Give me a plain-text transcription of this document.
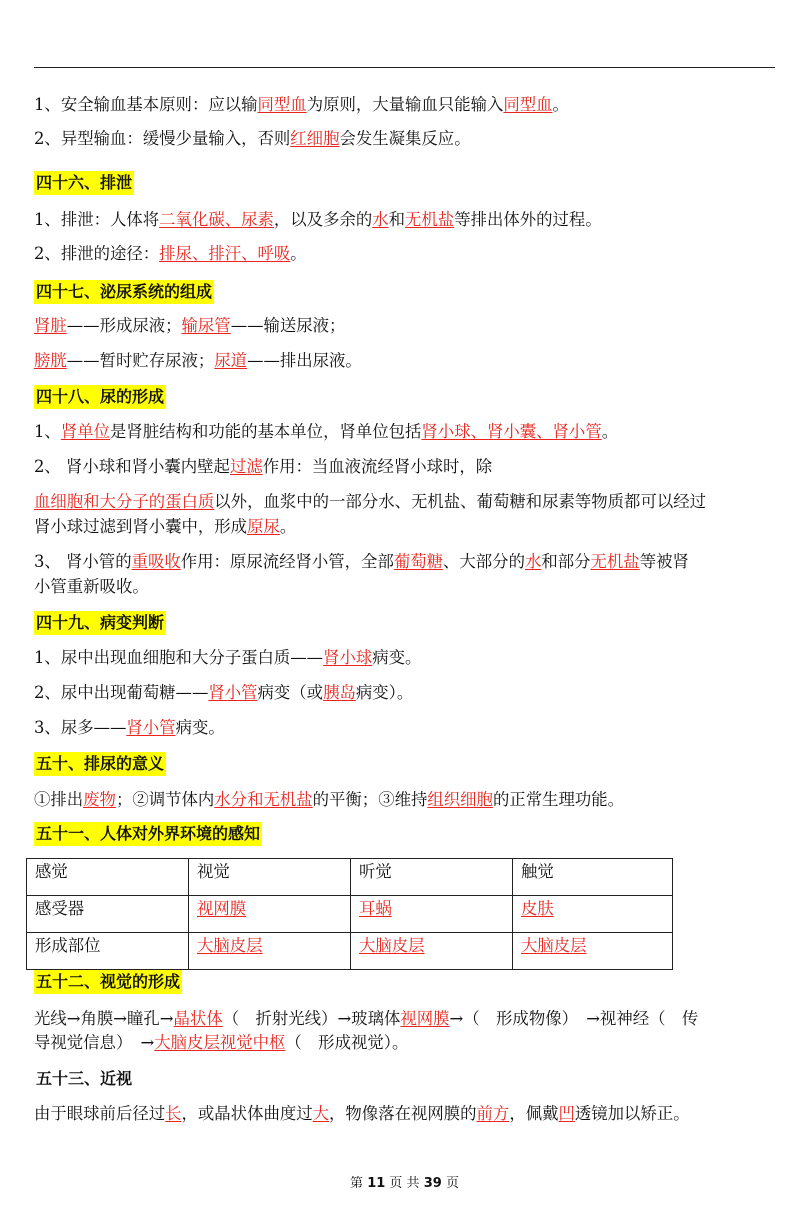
1、安全输血基本原则：应以输同型血为原则，大量输血只能输入同型血。
2、异型输血：缓慢少量输入，否则红细胞会发生凝集反应。
四十六、排泄
1、排泄：人体将二氧化碳、尿素，以及多余的水和无机盐等排出体外的过程。
2、排泄的途径：排尿、排汗、呼吸。
四十七、泌尿系统的组成
肾脏——形成尿液；输尿管——输送尿液；
膀胱——暂时贮存尿液；尿道——排出尿液。
四十八、尿的形成
1、肾单位是肾脏结构和功能的基本单位，肾单位包括肾小球、肾小囊、肾小管。
2、 肾小球和肾小囊内壁起过滤作用：当血液流经肾小球时，除
血细胞和大分子的蛋白质以外，血浆中的一部分水、无机盐、葡萄糖和尿素等物质都可以经过
肾小球过滤到肾小囊中，形成原尿。
3、 肾小管的重吸收作用：原尿流经肾小管，全部葡萄糖、大部分的水和部分无机盐等被肾
小管重新吸收。
四十九、病变判断
1、尿中出现血细胞和大分子蛋白质——肾小球病变。
2、尿中出现葡萄糖——肾小管病变（或胰岛病变）。
3、尿多——肾小管病变。
五十、排尿的意义
①排出废物；②调节体内水分和无机盐的平衡；③维持组织细胞的正常生理功能。
五十一、人体对外界环境的感知
感觉	视觉	听觉	触觉
感受器	视网膜	耳蜗	皮肤
形成部位	大脑皮层	大脑皮层	大脑皮层
五十二、视觉的形成
光线→角膜→瞳孔→晶状体（　折射光线）→玻璃体视网膜→（　形成物像）　→视神经（　传
导视觉信息）　→大脑皮层视觉中枢（　形成视觉）。
五十三、近视
由于眼球前后径过长，或晶状体曲度过大，物像落在视网膜的前方，佩戴凹透镜加以矫正。
第 11 页 共 39 页
